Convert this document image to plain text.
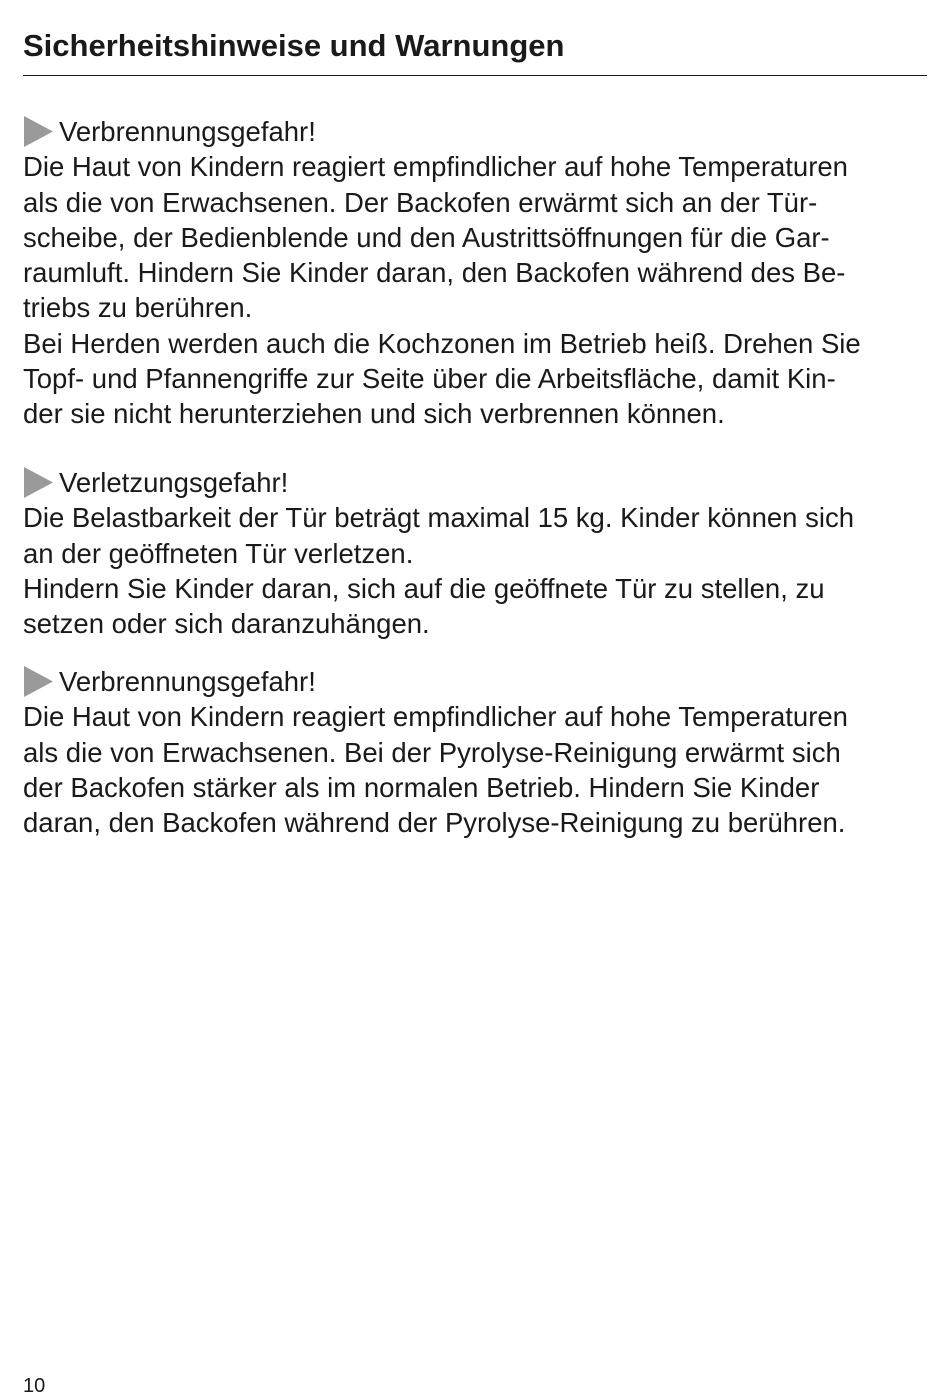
Sicherheitshinweise und Warnungen
Verbrennungsgefahr!

Die Haut von Kindern reagiert empfindlicher auf hohe Temperaturen
als die von Erwachsenen. Der Backofen erwärmt sich an der Tür-
scheibe, der Bedienblende und den Austrittsöffnungen für die Gar-
raumluft. Hindern Sie Kinder daran, den Backofen während des Be-
triebs zu berühren.

Bei Herden werden auch die Kochzonen im Betrieb heiß. Drehen Sie
Topf- und Pfannengriffe zur Seite über die Arbeitsfläche, damit Kin-
der sie nicht herunterziehen und sich verbrennen können.

Verletzungsgefahr!

Die Belastbarkeit der Tür beträgt maximal 15 kg. Kinder können sich
an der geöffneten Tür verletzen.

Hindern Sie Kinder daran, sich auf die geöffnete Tür zu stellen, zu
setzen oder sich daranzuhängen.

Verbrennungsgefahr!

Die Haut von Kindern reagiert empfindlicher auf hohe Temperaturen
als die von Erwachsenen. Bei der Pyrolyse-Reinigung erwärmt sich
der Backofen stärker als im normalen Betrieb. Hindern Sie Kinder
daran, den Backofen während der Pyrolyse-Reinigung zu berühren.

10
